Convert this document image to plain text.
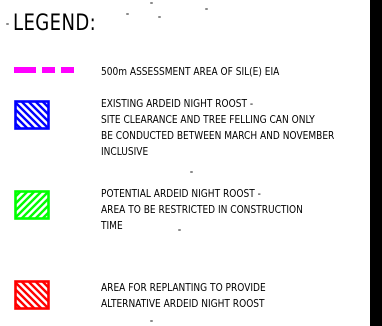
LEGEND:
500m ASSESSMENT AREA OF SIL(E) EIA
EXISTING ARDEID NIGHT ROOST -
SITE CLEARANCE AND TREE FELLING CAN ONLY
BE CONDUCTED BETWEEN MARCH AND NOVEMBER
INCLUSIVE
POTENTIAL ARDEID NIGHT ROOST -
AREA TO BE RESTRICTED IN CONSTRUCTION
TIME
AREA FOR REPLANTING TO PROVIDE
ALTERNATIVE ARDEID NIGHT ROOST
